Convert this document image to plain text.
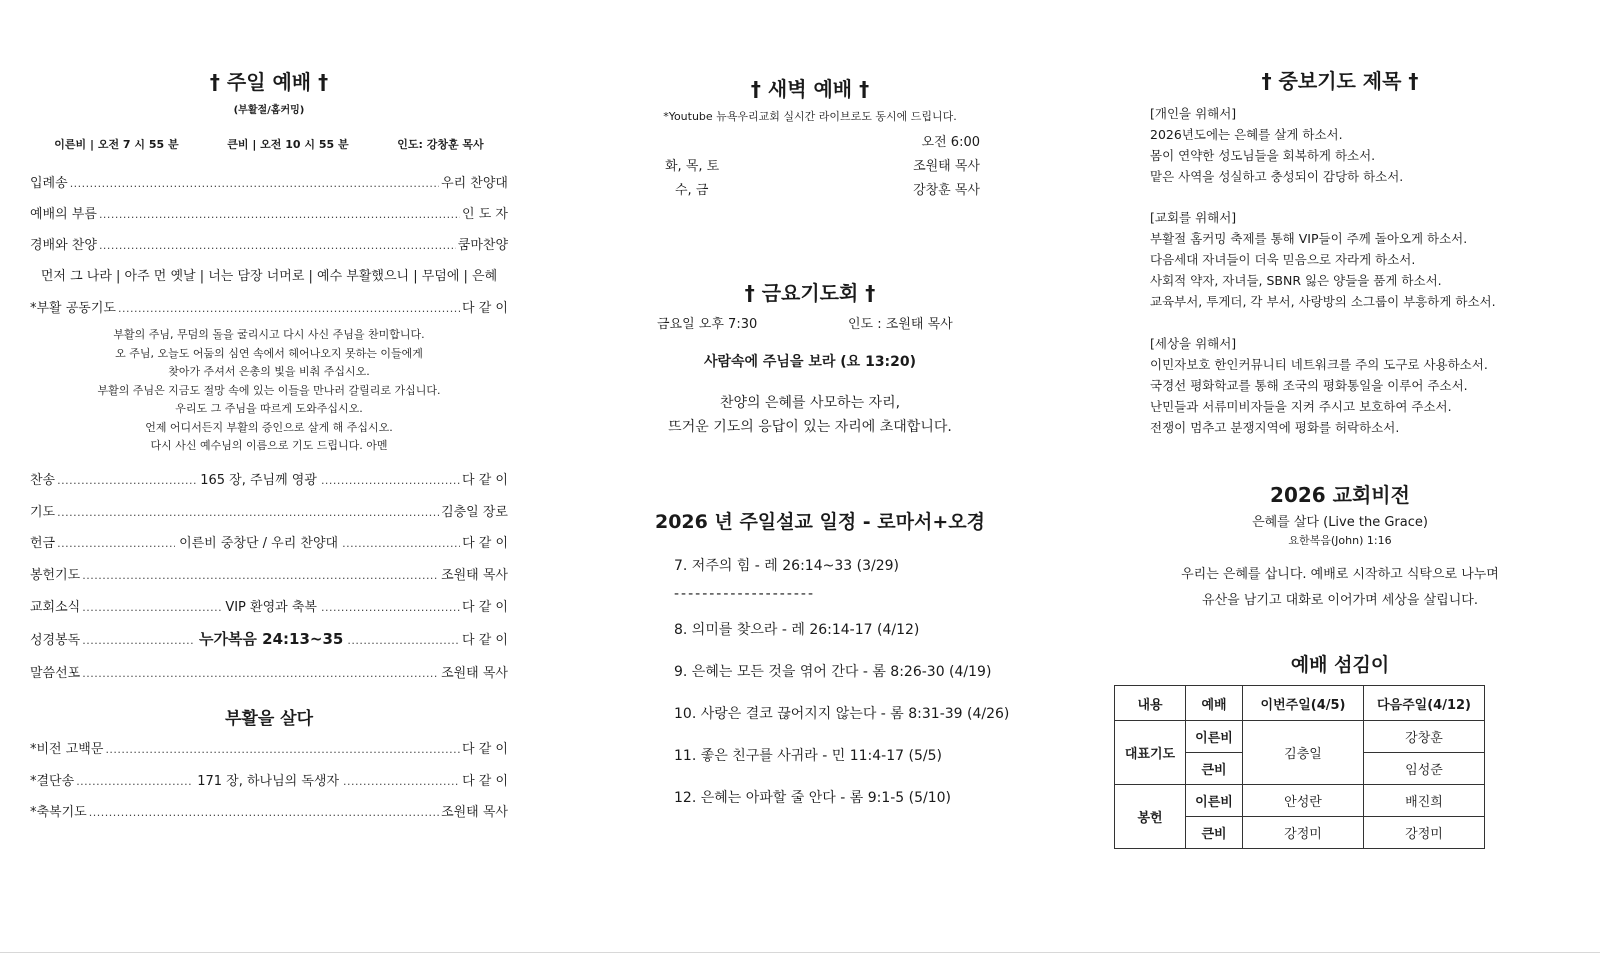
† 주일 예배 †
(부활절/홈커밍)
이른비 | 오전 7 시 55 분	큰비 | 오전 10 시 55 분	인도: 강창훈 목사
입례송 .....	우리 찬양대
예배의 부름 .....	인 도 자
경배와 찬양 .....	쿰마찬양
먼저 그 나라 | 아주 먼 옛날 | 너는 담장 너머로 | 예수 부활했으니 | 무덤에 | 은혜
*부활 공동기도 .....	다 같 이
부활의 주님, 무덤의 돌을 굴리시고 다시 사신 주님을 찬미합니다.
오 주님, 오늘도 어둠의 심연 속에서 헤어나오지 못하는 이들에게
찾아가 주셔서 은총의 빛을 비춰 주십시오.
부활의 주님은 지금도 절망 속에 있는 이들을 만나러 갈릴리로 가십니다.
우리도 그 주님을 따르게 도와주십시오.
언제 어디서든지 부활의 증인으로 살게 해 주십시오.
다시 사신 예수님의 이름으로 기도 드립니다. 아멘
찬송 .....	165 장, 주님께 영광 .....	다 같 이
기도 .....	김충일 장로
헌금 .....	이른비 중창단 / 우리 찬양대 .....	다 같 이
봉헌기도 .....	조원태 목사
교회소식 .....	VIP 환영과 축복 .....	다 같 이
성경봉독 .....	누가복음 24:13~35 .....	다 같 이
말씀선포 .....	조원태 목사
부활을 살다
*비전 고백문 .....	다 같 이
*결단송 .....	171 장, 하나님의 독생자 .....	다 같 이
*축복기도 .....	조원태 목사
† 새벽 예배 †
*Youtube 뉴욕우리교회 실시간 라이브로도 동시에 드립니다.
오전 6:00
화, 목, 토	조원태 목사
수, 금	강창훈 목사
† 금요기도회 †
금요일 오후 7:30	인도 : 조원태 목사
사람속에 주님을 보라 (요 13:20)
찬양의 은혜를 사모하는 자리,
뜨거운 기도의 응답이 있는 자리에 초대합니다.
2026 년 주일설교 일정 - 로마서+오경
7. 저주의 힘 - 레 26:14~33 (3/29)
--------------------
8. 의미를 찾으라 - 레 26:14-17 (4/12)
9. 은혜는 모든 것을 엮어 간다 - 롬 8:26-30 (4/19)
10. 사랑은 결코 끊어지지 않는다 - 롬 8:31-39 (4/26)
11. 좋은 친구를 사귀라 - 민 11:4-17 (5/5)
12. 은혜는 아파할 줄 안다 - 롬 9:1-5 (5/10)
† 중보기도 제목 †
[개인을 위해서]
2026년도에는 은혜를 살게 하소서.
몸이 연약한 성도님들을 회복하게 하소서.
맡은 사역을 성실하고 충성되이 감당하 하소서.
[교회를 위해서]
부활절 홈커밍 축제를 통해 VIP들이 주께 돌아오게 하소서.
다음세대 자녀들이 더욱 믿음으로 자라게 하소서.
사회적 약자, 자녀들, SBNR 잃은 양들을 품게 하소서.
교육부서, 투게더, 각 부서, 사랑방의 소그룹이 부흥하게 하소서.
[세상을 위해서]
이민자보호 한인커뮤니티 네트워크를 주의 도구로 사용하소서.
국경선 평화학교를 통해 조국의 평화통일을 이루어 주소서.
난민들과 서류미비자들을 지켜 주시고 보호하여 주소서.
전쟁이 멈추고 분쟁지역에 평화를 허락하소서.
2026 교회비전
은혜를 살다 (Live the Grace)
요한복음(John) 1:16
우리는 은혜를 삽니다. 예배로 시작하고 식탁으로 나누며
유산을 남기고 대화로 이어가며 세상을 살립니다.
예배 섬김이
내용	예배	이번주일(4/5)	다음주일(4/12)
대표기도	이른비	김충일	강창훈
	큰비		임성준
봉헌	이른비	안성란	배진희
	큰비	강정미	강정미
